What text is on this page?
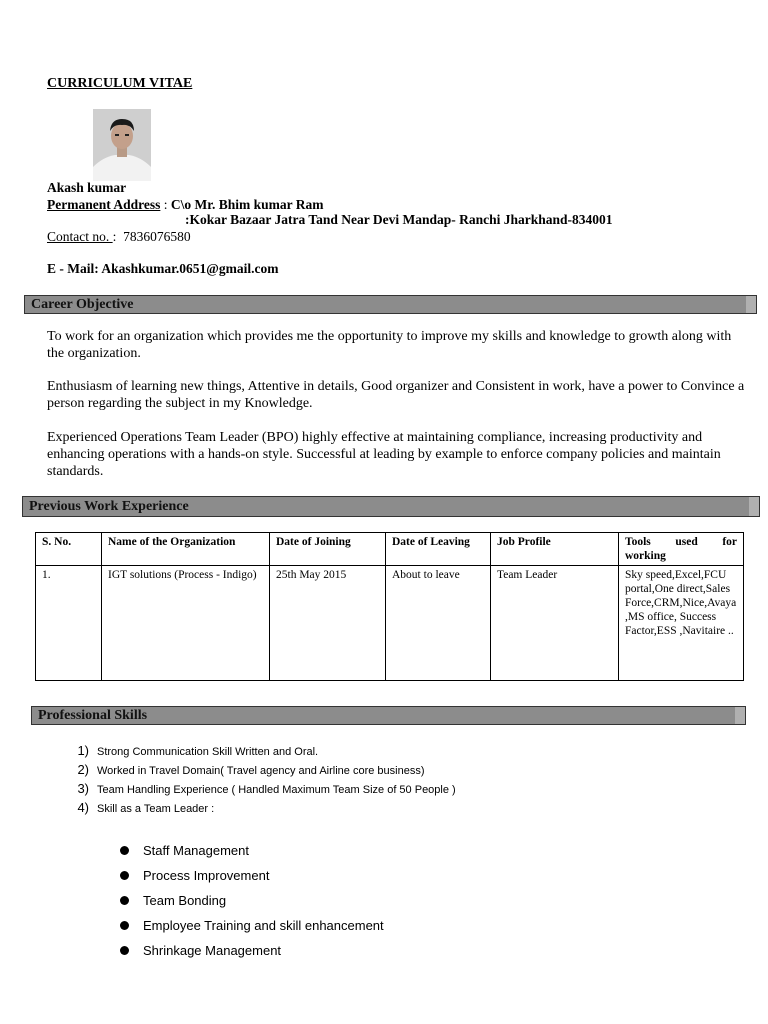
CURRICULUM VITAE
Akash kumar
Permanent Address : C\o Mr. Bhim kumar Ram
:Kokar Bazaar Jatra Tand Near Devi Mandap- Ranchi Jharkhand-834001
Contact no. : 7836076580
E - Mail: Akashkumar.0651@gmail.com
Career Objective
To work for an organization which provides me the opportunity to improve my skills and knowledge to growth along with the organization.
Enthusiasm of learning new things, Attentive in details, Good organizer and Consistent in work, have a power to Convince a person regarding the subject in my Knowledge.
Experienced Operations Team Leader (BPO) highly effective at maintaining compliance, increasing productivity and enhancing operations with a hands-on style. Successful at leading by example to enforce company policies and maintain standards.
Previous Work Experience
S. No.	Name of the Organization	Date of Joining	Date of Leaving	Job Profile	Tools used for working
1.	IGT solutions (Process - Indigo)	25th May 2015	About to leave	Team Leader	Sky speed,Excel,FCU portal,One direct,Sales Force,CRM,Nice,Avaya,MS office, Success Factor,ESS ,Navitaire ..
Professional Skills
1) Strong Communication Skill Written and Oral.
2) Worked in Travel Domain( Travel agency and Airline core business)
3) Team Handling Experience ( Handled Maximum Team Size of 50 People )
4) Skill as a Team Leader :
Staff Management
Process Improvement
Team Bonding
Employee Training and skill enhancement
Shrinkage Management
